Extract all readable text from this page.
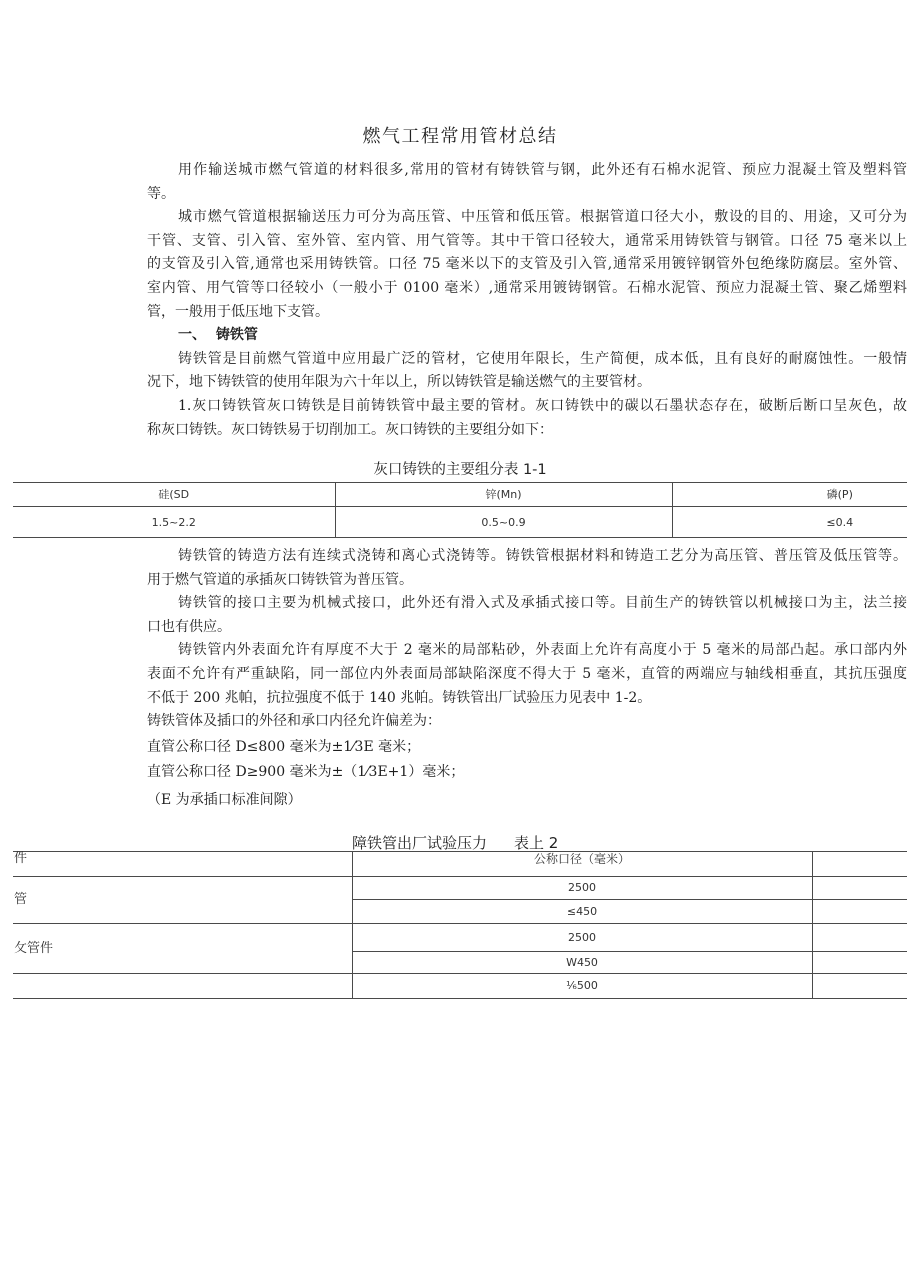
燃气工程常用管材总结
用作输送城市燃气管道的材料很多,常用的管材有铸铁管与钢，此外还有石棉水泥管、预应力混凝土管及塑料管
等。
城市燃气管道根据输送压力可分为高压管、中压管和低压管。根据管道口径大小，敷设的目的、用途，又可分为
干管、支管、引入管、室外管、室内管、用气管等。其中干管口径较大，通常采用铸铁管与钢管。口径 75 毫米以上
的支管及引入管,通常也采用铸铁管。口径 75 毫米以下的支管及引入管,通常采用镀锌钢管外包绝缘防腐层。室外管、
室内管、用气管等口径较小（一般小于 0100 毫米）,通常采用镀铸钢管。石棉水泥管、预应力混凝土管、聚乙烯塑料
管，一般用于低压地下支管。
一、 铸铁管
铸铁管是目前燃气管道中应用最广泛的管材，它使用年限长，生产简便，成本低，且有良好的耐腐蚀性。一般情
况下，地下铸铁管的使用年限为六十年以上，所以铸铁管是输送燃气的主要管材。
1.灰口铸铁管灰口铸铁是目前铸铁管中最主要的管材。灰口铸铁中的碳以石墨状态存在，破断后断口呈灰色，故
称灰口铸铁。灰口铸铁易于切削加工。灰口铸铁的主要组分如下：
灰口铸铁的主要组分表 1-1
硅(SD	锌(Mn)	磷(P)
1.5~2.2	0.5~0.9	≤0.4
铸铁管的铸造方法有连续式浇铸和离心式浇铸等。铸铁管根据材料和铸造工艺分为高压管、普压管及低压管等。
用于燃气管道的承插灰口铸铁管为普压管。
铸铁管的接口主要为机械式接口，此外还有滑入式及承插式接口等。目前生产的铸铁管以机械接口为主，法兰接
口也有供应。
铸铁管内外表面允许有厚度不大于 2 毫米的局部粘砂，外表面上允许有高度小于 5 毫米的局部凸起。承口部内外
表面不允许有严重缺陷，同一部位内外表面局部缺陷深度不得大于 5 毫米，直管的两端应与轴线相垂直，其抗压强度
不低于 200 兆帕，抗拉强度不低于 140 兆帕。铸铁管出厂试验压力见表中 1-2。
铸铁管体及插口的外径和承口内径允许偏差为：
直管公称口径 D≤800 毫米为±1⁄3E 毫米；
直管公称口径 D≥900 毫米为±（1⁄3E+1）毫米；
（E 为承插口标准间隙）
障铁管出厂试验压力 表上 2
件	公称口径（毫米）	
管	2500	
	≤450	
攵管件	2500	
	W450	
	⅙500	
